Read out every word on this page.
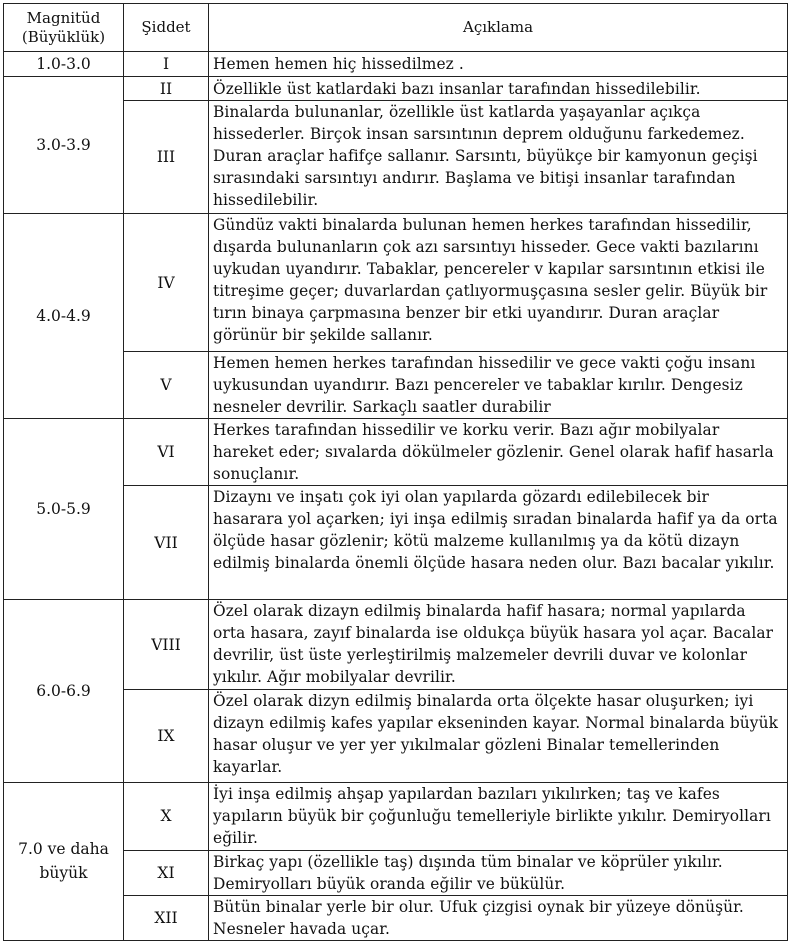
Magnitüd (Büyüklük)	Şiddet	Açıklama
1.0-3.0	I	Hemen hemen hiç hissedilmez .
3.0-3.9	II	Özellikle üst katlardaki bazı insanlar tarafından hissedilebilir.
	III	Binalarda bulunanlar, özellikle üst katlarda yaşayanlar açıkça hissederler. Birçok insan sarsıntının deprem olduğunu farkedemez. Duran araçlar hafifçe sallanır. Sarsıntı, büyükçe bir kamyonun geçişi sırasındaki sarsıntıyı andırır. Başlama ve bitişi insanlar tarafından hissedilebilir.
4.0-4.9	IV	Gündüz vakti binalarda bulunan hemen herkes tarafından hissedilir, dışarda bulunanların çok azı sarsıntıyı hisseder. Gece vakti bazılarını uykudan uyandırır. Tabaklar, pencereler v kapılar sarsıntının etkisi ile titreşime geçer; duvarlardan çatlıyormuşçasına sesler gelir. Büyük bir tırın binaya çarpmasına benzer bir etki uyandırır. Duran araçlar görünür bir şekilde sallanır.
	V	Hemen hemen herkes tarafından hissedilir ve gece vakti çoğu insanı uykusundan uyandırır. Bazı pencereler ve tabaklar kırılır. Dengesiz nesneler devrilir. Sarkaçlı saatler durabilir
5.0-5.9	VI	Herkes tarafından hissedilir ve korku verir. Bazı ağır mobilyalar hareket eder; sıvalarda dökülmeler gözlenir. Genel olarak hafif hasarla sonuçlanır.
	VII	Dizaynı ve inşatı çok iyi olan yapılarda gözardı edilebilecek bir hasarara yol açarken; iyi inşa edilmiş sıradan binalarda hafif ya da orta ölçüde hasar gözlenir; kötü malzeme kullanılmış ya da kötü dizayn edilmiş binalarda önemli ölçüde hasara neden olur. Bazı bacalar yıkılır.
6.0-6.9	VIII	Özel olarak dizayn edilmiş binalarda hafif hasara; normal yapılarda orta hasara, zayıf binalarda ise oldukça büyük hasara yol açar. Bacalar devrilir, üst üste yerleştirilmiş malzemeler devrili duvar ve kolonlar yıkılır. Ağır mobilyalar devrilir.
	IX	Özel olarak dizyn edilmiş binalarda orta ölçekte hasar oluşurken; iyi dizayn edilmiş kafes yapılar ekseninden kayar. Normal binalarda büyük hasar oluşur ve yer yer yıkılmalar gözleni Binalar temellerinden kayarlar.
7.0 ve daha büyük	X	İyi inşa edilmiş ahşap yapılardan bazıları yıkılırken; taş ve kafes yapıların büyük bir çoğunluğu temelleriyle birlikte yıkılır. Demiryolları eğilir.
	XI	Birkaç yapı (özellikle taş) dışında tüm binalar ve köprüler yıkılır. Demiryolları büyük oranda eğilir ve bükülür.
	XII	Bütün binalar yerle bir olur. Ufuk çizgisi oynak bir yüzeye dönüşür. Nesneler havada uçar.
